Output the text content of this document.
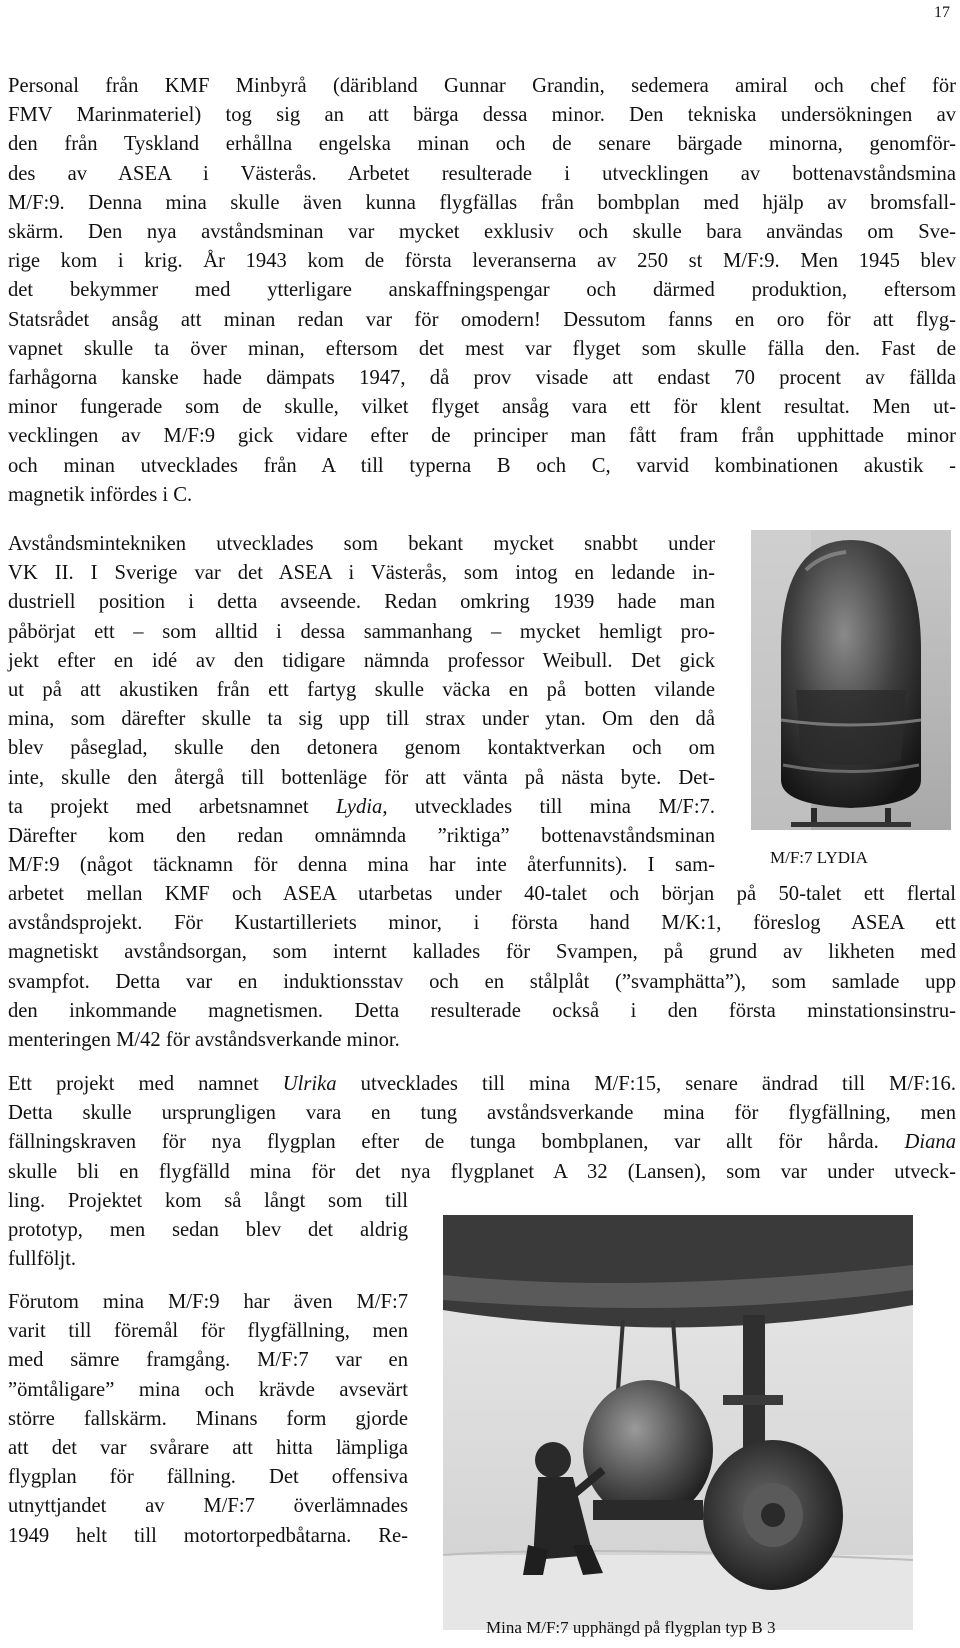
17
Personal från KMF Minbyrå (däribland Gunnar Grandin, sedemera amiral och chef för
FMV Marinmateriel) tog sig an att bärga dessa minor. Den tekniska undersökningen av
den från Tyskland erhållna engelska minan och de senare bärgade minorna, genomför-
des av ASEA i Västerås. Arbetet resulterade i utvecklingen av bottenavståndsmina
M/F:9. Denna mina skulle även kunna flygfällas från bombplan med hjälp av bromsfall-
skärm. Den nya avståndsminan var mycket exklusiv och skulle bara användas om Sve-
rige kom i krig. År 1943 kom de första leveranserna av 250 st M/F:9. Men 1945 blev
det bekymmer med ytterligare anskaffningspengar och därmed produktion, eftersom
Statsrådet ansåg att minan redan var för omodern! Dessutom fanns en oro för att flyg-
vapnet skulle ta över minan, eftersom det mest var flyget som skulle fälla den. Fast de
farhågorna kanske hade dämpats 1947, då prov visade att endast 70 procent av fällda
minor fungerade som de skulle, vilket flyget ansåg vara ett för klent resultat. Men ut-
vecklingen av M/F:9 gick vidare efter de principer man fått fram från upphittade minor
och minan utvecklades från A till typerna B och C, varvid kombinationen akustik -
magnetik infördes i C.
Avståndsmintekniken utvecklades som bekant mycket snabbt under
VK II. I Sverige var det ASEA i Västerås, som intog en ledande in-
dustriell position i detta avseende. Redan omkring 1939 hade man
påbörjat ett – som alltid i dessa sammanhang – mycket hemligt pro-
jekt efter en idé av den tidigare nämnda professor Weibull. Det gick
ut på att akustiken från ett fartyg skulle väcka en på botten vilande
mina, som därefter skulle ta sig upp till strax under ytan. Om den då
blev påseglad, skulle den detonera genom kontaktverkan och om
inte, skulle den återgå till bottenläge för att vänta på nästa byte. Det-
ta projekt med arbetsnamnet Lydia, utvecklades till mina M/F:7.
Därefter kom den redan omnämnda ”riktiga” bottenavståndsminan
M/F:9 (något täcknamn för denna mina har inte återfunnits). I sam-	M/F:7 LYDIA
arbetet mellan KMF och ASEA utarbetas under 40-talet och början på 50-talet ett flertal
avståndsprojekt. För Kustartilleriets minor, i första hand M/K:1, föreslog ASEA ett
magnetiskt avståndsorgan, som internt kallades för Svampen, på grund av likheten med
svampfot. Detta var en induktionsstav och en stålplåt (”svamphätta”), som samlade upp
den inkommande magnetismen. Detta resulterade också i den första minstationsinstru-
menteringen M/42 för avståndsverkande minor.
Ett projekt med namnet Ulrika utvecklades till mina M/F:15, senare ändrad till M/F:16.
Detta skulle ursprungligen vara en tung avståndsverkande mina för flygfällning, men
fällningskraven för nya flygplan efter de tunga bombplanen, var allt för hårda. Diana
skulle bli en flygfälld mina för det nya flygplanet A 32 (Lansen), som var under utveck-
ling. Projektet kom så långt som till
prototyp, men sedan blev det aldrig
fullföljt.
Förutom mina M/F:9 har även M/F:7
varit till föremål för flygfällning, men
med sämre framgång. M/F:7 var en
”ömtåligare” mina och krävde avsevärt
större fallskärm. Minans form gjorde
att det var svårare att hitta lämpliga
flygplan för fällning. Det offensiva
utnyttjandet av M/F:7 överlämnades
1949 helt till motortorpedbåtarna. Re-
Mina M/F:7 upphängd på flygplan typ B 3
